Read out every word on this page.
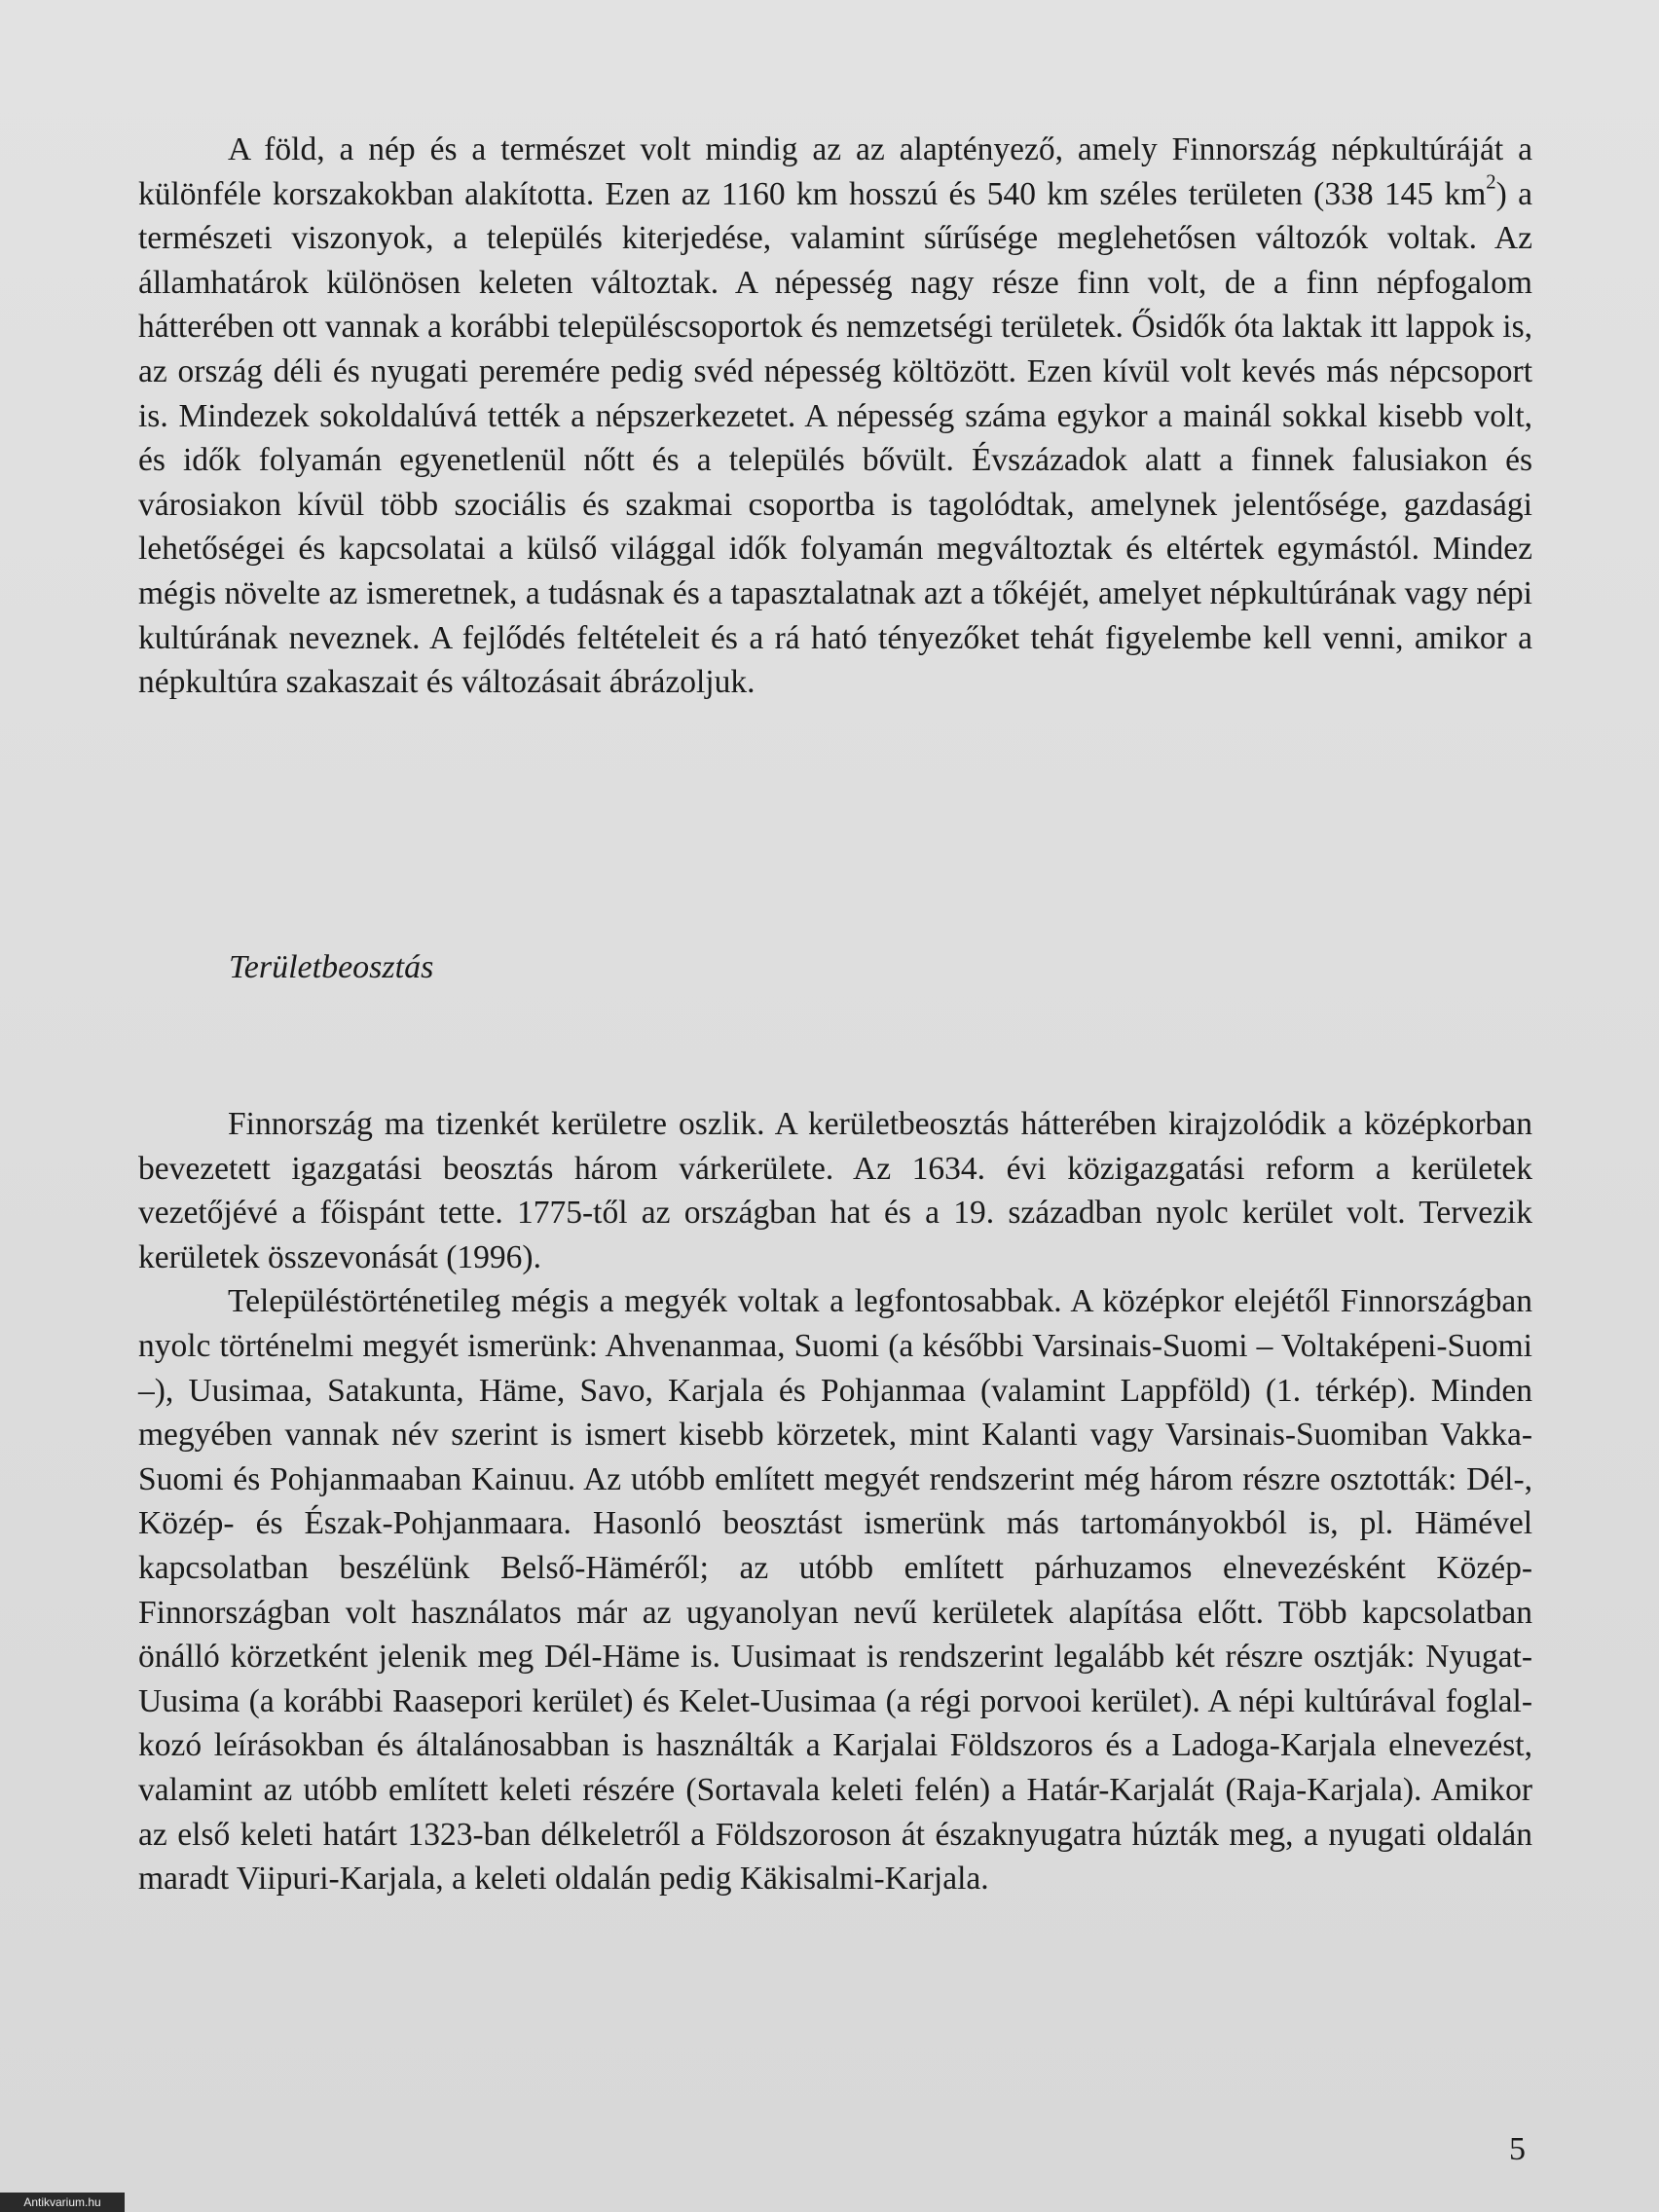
A föld, a nép és a természet volt mindig az az alaptényező, amely Finnország népkultúráját a különféle korszakokban alakította. Ezen az 1160 km hosszú és 540 km széles területen (338 145 $km^2$) a természeti viszonyok, a település kiterjedése, valamint sűrűsége meglehetősen változók voltak. Az államhatárok különösen keleten változtak. A népesség nagy része finn volt, de a finn népfogalom hátterében ott vannak a korábbi településcsoportok és nemzetségi területek. Ősidők óta laktak itt lappok is, az ország déli és nyugati peremére pedig svéd népesség költözött. Ezen kívül volt kevés más népcsoport is. Mindezek sokoldalúvá tették a népszerkezetet. A népesség száma egykor a mainál sokkal kisebb volt, és idők folyamán egyenetlenül nőtt és a település bővült. Évszázadok alatt a finnek falusiakon és városiakon kívül több szociális és szakmai csoportba is tagolódtak, amelynek jelentősége, gazdasági lehetőségei és kapcsolatai a külső világgal idők folyamán megváltoztak és eltértek egymástól. Mindez mégis növelte az ismeretnek, a tudásnak és a tapasztalatnak azt a tőkéjét, amelyet népkultúrának vagy népi kultúrának neveznek. A fejlődés feltételeit és a rá ható tényezőket tehát figyelembe kell venni, amikor a népkultúra szakaszait és változásait ábrázoljuk.

Területbeosztás

Finnország ma tizenkét kerületre oszlik. A kerületbeosztás hátterében kirajzolódik a középkorban bevezetett igazgatási beosztás három várkerülete. Az 1634. évi közigazgatási reform a kerületek vezetőjévé a főispánt tette. 1775-től az országban hat és a 19. században nyolc kerület volt. Tervezik kerületek összevonását (1996).

Településtörténetileg mégis a megyék voltak a legfontosabbak. A középkor elejétől Finnországban nyolc történelmi megyét ismerünk: Ahvenanmaa, Suomi (a későbbi Varsinais-Suomi – Voltaképeni-Suomi –), Uusimaa, Satakunta, Häme, Savo, Karjala és Pohjanmaa (valamint Lappföld) (1. térkép). Minden megyében vannak név szerint is ismert kisebb körzetek, mint Kalanti vagy Varsinais-Suomiban Vakka-Suomi és Pohjanmaaban Kainuu. Az utóbb említett megyét rendszerint még három részre osztották: Dél-, Közép- és Észak-Pohjanmaara. Hasonló beosztást ismerünk más tartományokból is, pl. Hämével kapcsolatban beszélünk Belső-Häméről; az utóbb említett párhuzamos elnevezésként Közép-Finnországban volt használatos már az ugyanolyan nevű kerületek alapítása előtt. Több kapcsolatban önálló körzetként jelenik meg Dél-Häme is. Uusimaat is rendszerint legalább két részre osztják: Nyugat-Uusima (a korábbi Raasepori kerület) és Kelet-Uusimaa (a régi porvooi kerület). A népi kultúrával foglalkozó leírásokban és általánosabban is használták a Karjalai Földszoros és a Ladoga-Karjala elnevezést, valamint az utóbb említett keleti részére (Sortavala keleti felén) a Határ-Karjalát (Raja-Karjala). Amikor az első keleti határt 1323-ban délkeletről a Földszoroson át északnyugatra húzták meg, a nyugati oldalán maradt Viipuri-Karjala, a keleti oldalán pedig Käkisalmi-Karjala.

5
Antikvarium.hu
